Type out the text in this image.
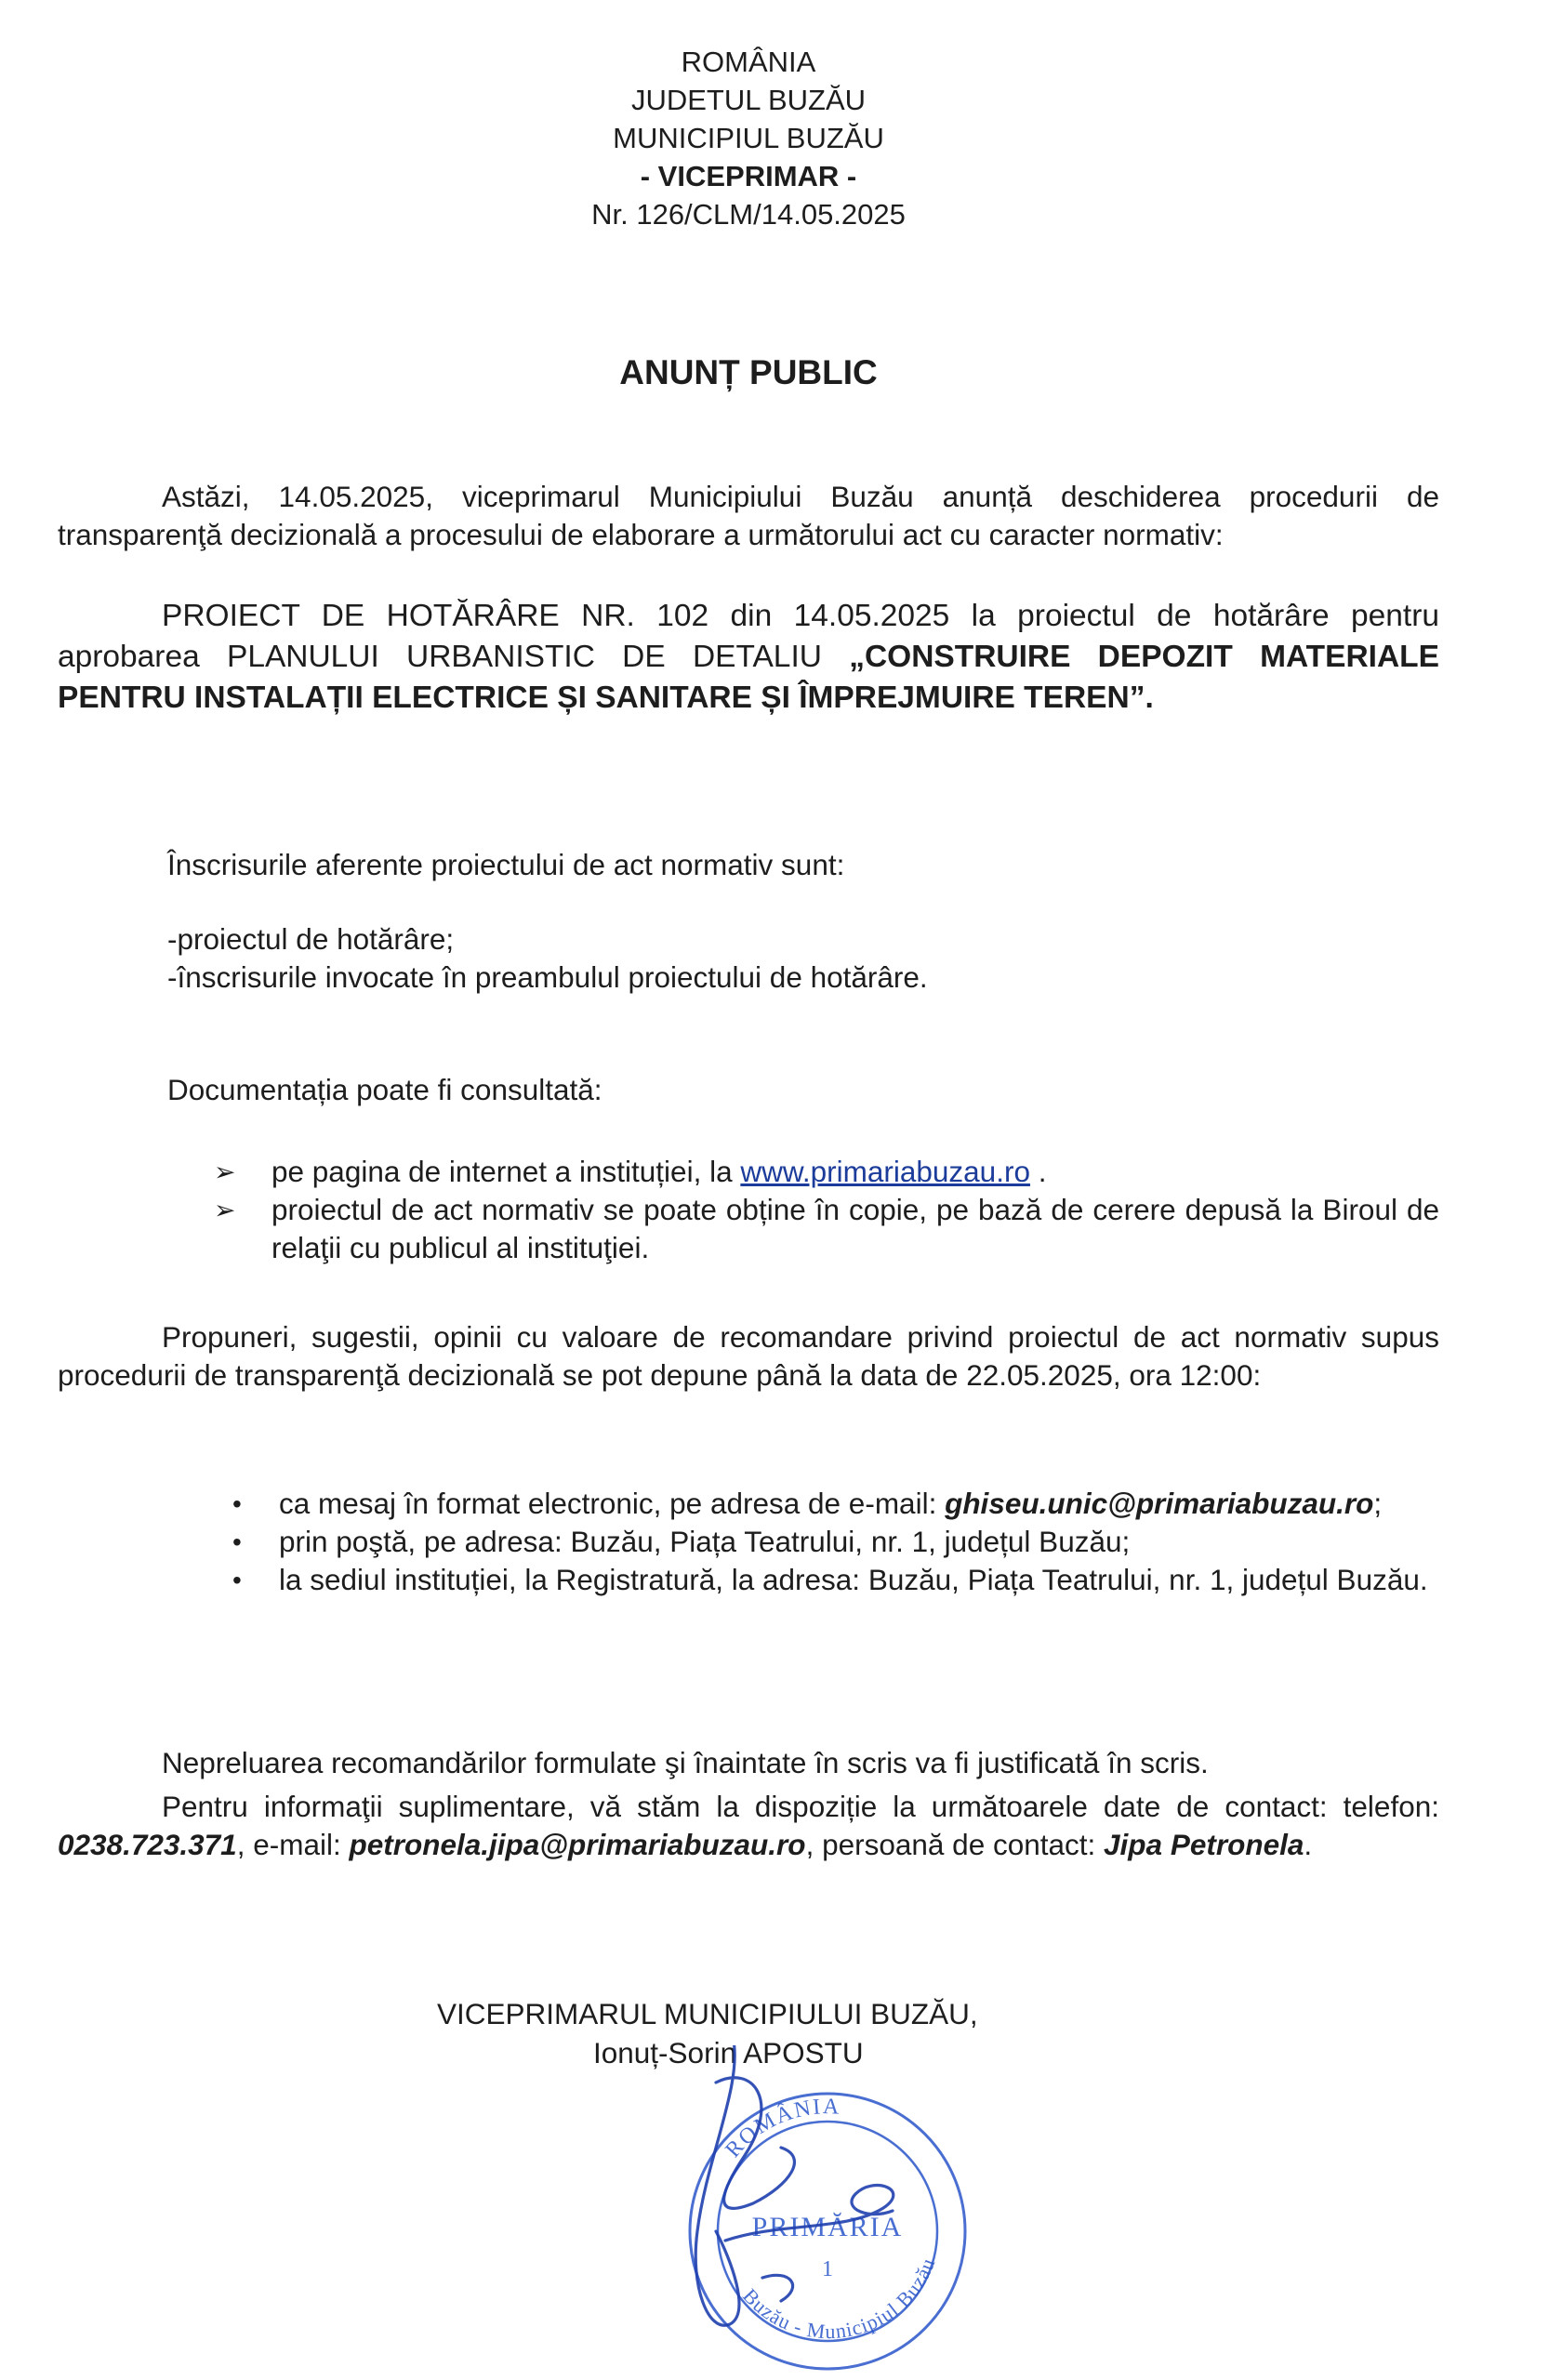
ROMÂNIA
JUDETUL BUZĂU
MUNICIPIUL BUZĂU
- VICEPRIMAR -
Nr. 126/CLM/14.05.2025
ANUNȚ PUBLIC
Astăzi, 14.05.2025, viceprimarul Municipiului Buzău anunță deschiderea procedurii de transparenţă decizională a procesului de elaborare a următorului act cu caracter normativ:
PROIECT DE HOTĂRÂRE NR. 102 din 14.05.2025 la proiectul de hotărâre pentru aprobarea PLANULUI URBANISTIC DE DETALIU „CONSTRUIRE DEPOZIT MATERIALE PENTRU INSTALAȚII ELECTRICE ȘI SANITARE ȘI ÎMPREJMUIRE TEREN”.
Înscrisurile aferente proiectului de act normativ sunt:
-proiectul de hotărâre;
-înscrisurile invocate în preambulul proiectului de hotărâre.
Documentația poate fi consultată:
➢ pe pagina de internet a instituției, la www.primariabuzau.ro .
➢ proiectul de act normativ se poate obține în copie, pe bază de cerere depusă la Biroul de relaţii cu publicul al instituţiei.
Propuneri, sugestii, opinii cu valoare de recomandare privind proiectul de act normativ supus procedurii de transparenţă decizională se pot depune până la data de 22.05.2025, ora 12:00:
• ca mesaj în format electronic, pe adresa de e-mail: ghiseu.unic@primariabuzau.ro;
• prin poştă, pe adresa: Buzău, Piața Teatrului, nr. 1, județul Buzău;
• la sediul instituției, la Registratură, la adresa: Buzău, Piața Teatrului, nr. 1, județul Buzău.
Nepreluarea recomandărilor formulate şi înaintate în scris va fi justificată în scris.
Pentru informaţii suplimentare, vă stăm la dispoziție la următoarele date de contact: telefon: 0238.723.371, e-mail: petronela.jipa@primariabuzau.ro, persoană de contact: Jipa Petronela.
VICEPRIMARUL MUNICIPIULUI BUZĂU,
Ionuț-Sorin APOSTU
ROMÂNIA
PRIMĂRIA
1
Buzău - Municipiul Buzău
